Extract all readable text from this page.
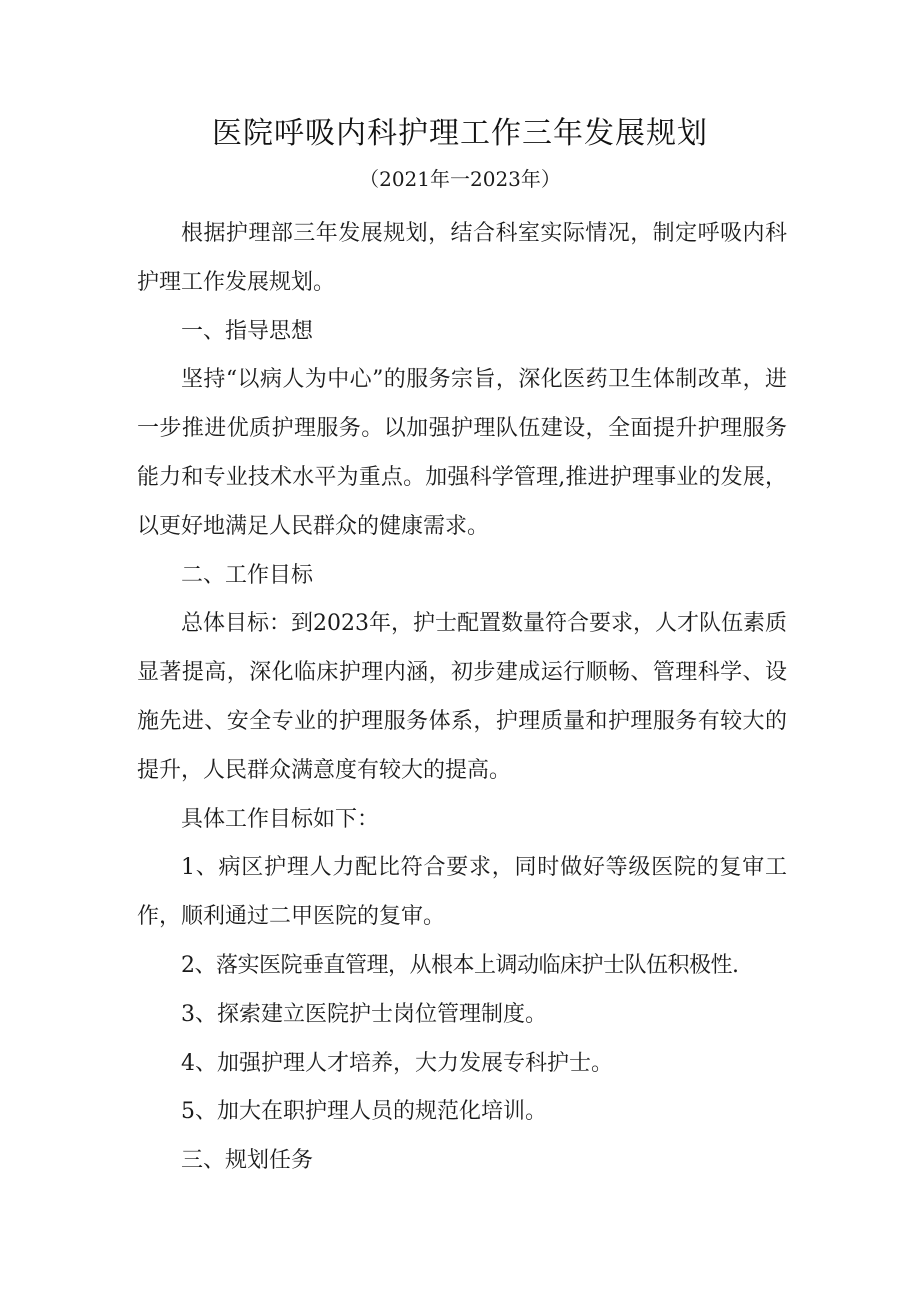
医院呼吸内科护理工作三年发展规划
（2021年一2023年）

根据护理部三年发展规划，结合科室实际情况，制定呼吸内科护理工作发展规划。

一、指导思想

坚持“以病人为中心”的服务宗旨，深化医药卫生体制改革，进一步推进优质护理服务。以加强护理队伍建设，全面提升护理服务能力和专业技术水平为重点。加强科学管理,推进护理事业的发展，以更好地满足人民群众的健康需求。

二、工作目标

总体目标：到2023年，护士配置数量符合要求，人才队伍素质显著提高，深化临床护理内涵，初步建成运行顺畅、管理科学、设施先进、安全专业的护理服务体系，护理质量和护理服务有较大的提升，人民群众满意度有较大的提高。

具体工作目标如下：

1、病区护理人力配比符合要求，同时做好等级医院的复审工作，顺利通过二甲医院的复审。

2、落实医院垂直管理，从根本上调动临床护士队伍积极性.

3、探索建立医院护士岗位管理制度。

4、加强护理人才培养，大力发展专科护士。

5、加大在职护理人员的规范化培训。

三、规划任务
